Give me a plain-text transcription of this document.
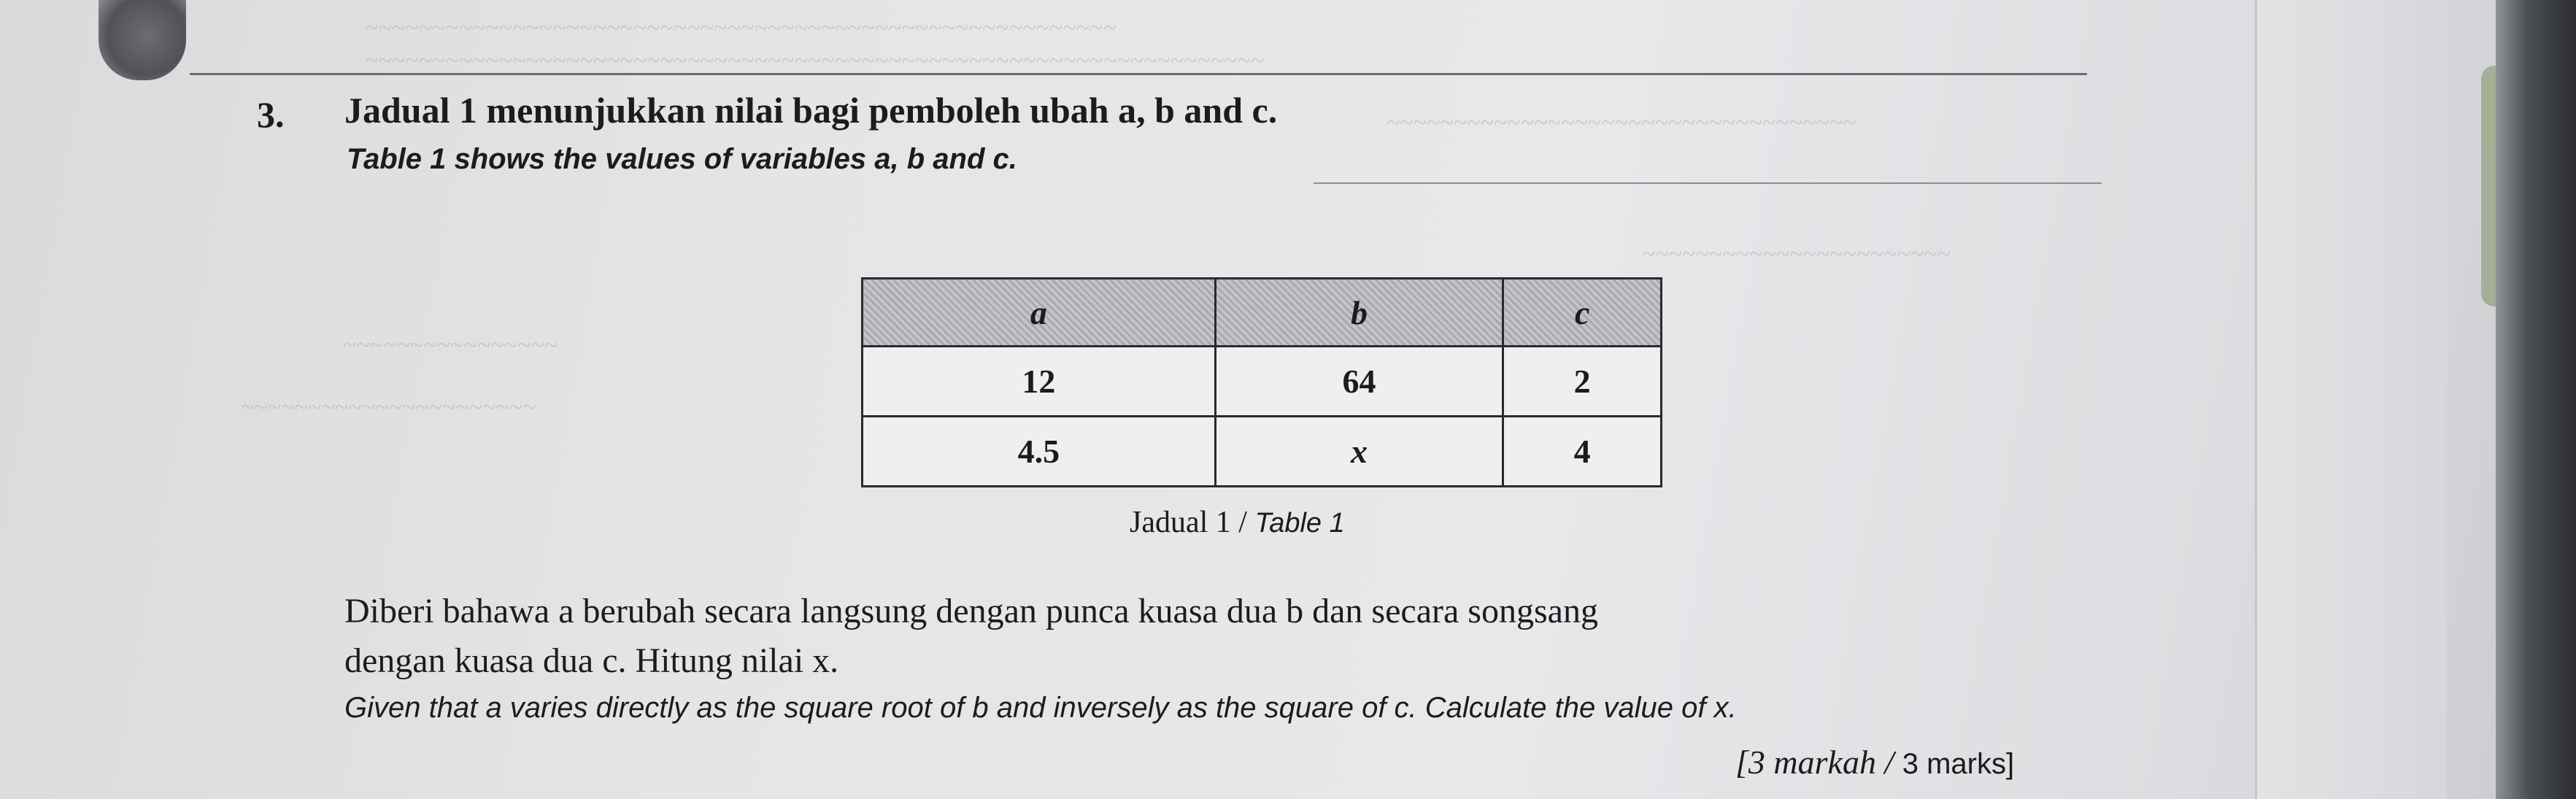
~~~~~~~~~~~~~~~~~~~~~~~~~~~~~~~~~~~~~~~~~~~~~~~~~~~~~~~~
~~~~~~~~~~~~~~~~~~~~~~~~~~~~~~~~~~~~~~~~~~~~~~~~~~~~~~~~~~~~~~~~~~~
~~~~~~~~~~~~~~~~~~~~~~~~~~~~~~~~~~~
~~~~~~~~~~~~~~~~~~~~~~~
~~~~~~~~~~~~~~~~
~~~~~~~~~~~~~~~~~~~~~~
3. Jadual 1 menunjukkan nilai bagi pemboleh ubah a, b and c.
Table 1 shows the values of variables a, b and c.
a	b	c
12	64	2
4.5	x	4
Jadual 1 / Table 1
Diberi bahawa a berubah secara langsung dengan punca kuasa dua b dan secara songsang
dengan kuasa dua c. Hitung nilai x.
Given that a varies directly as the square root of b and inversely as the square of c. Calculate the value of x.
[3 markah / 3 marks]
